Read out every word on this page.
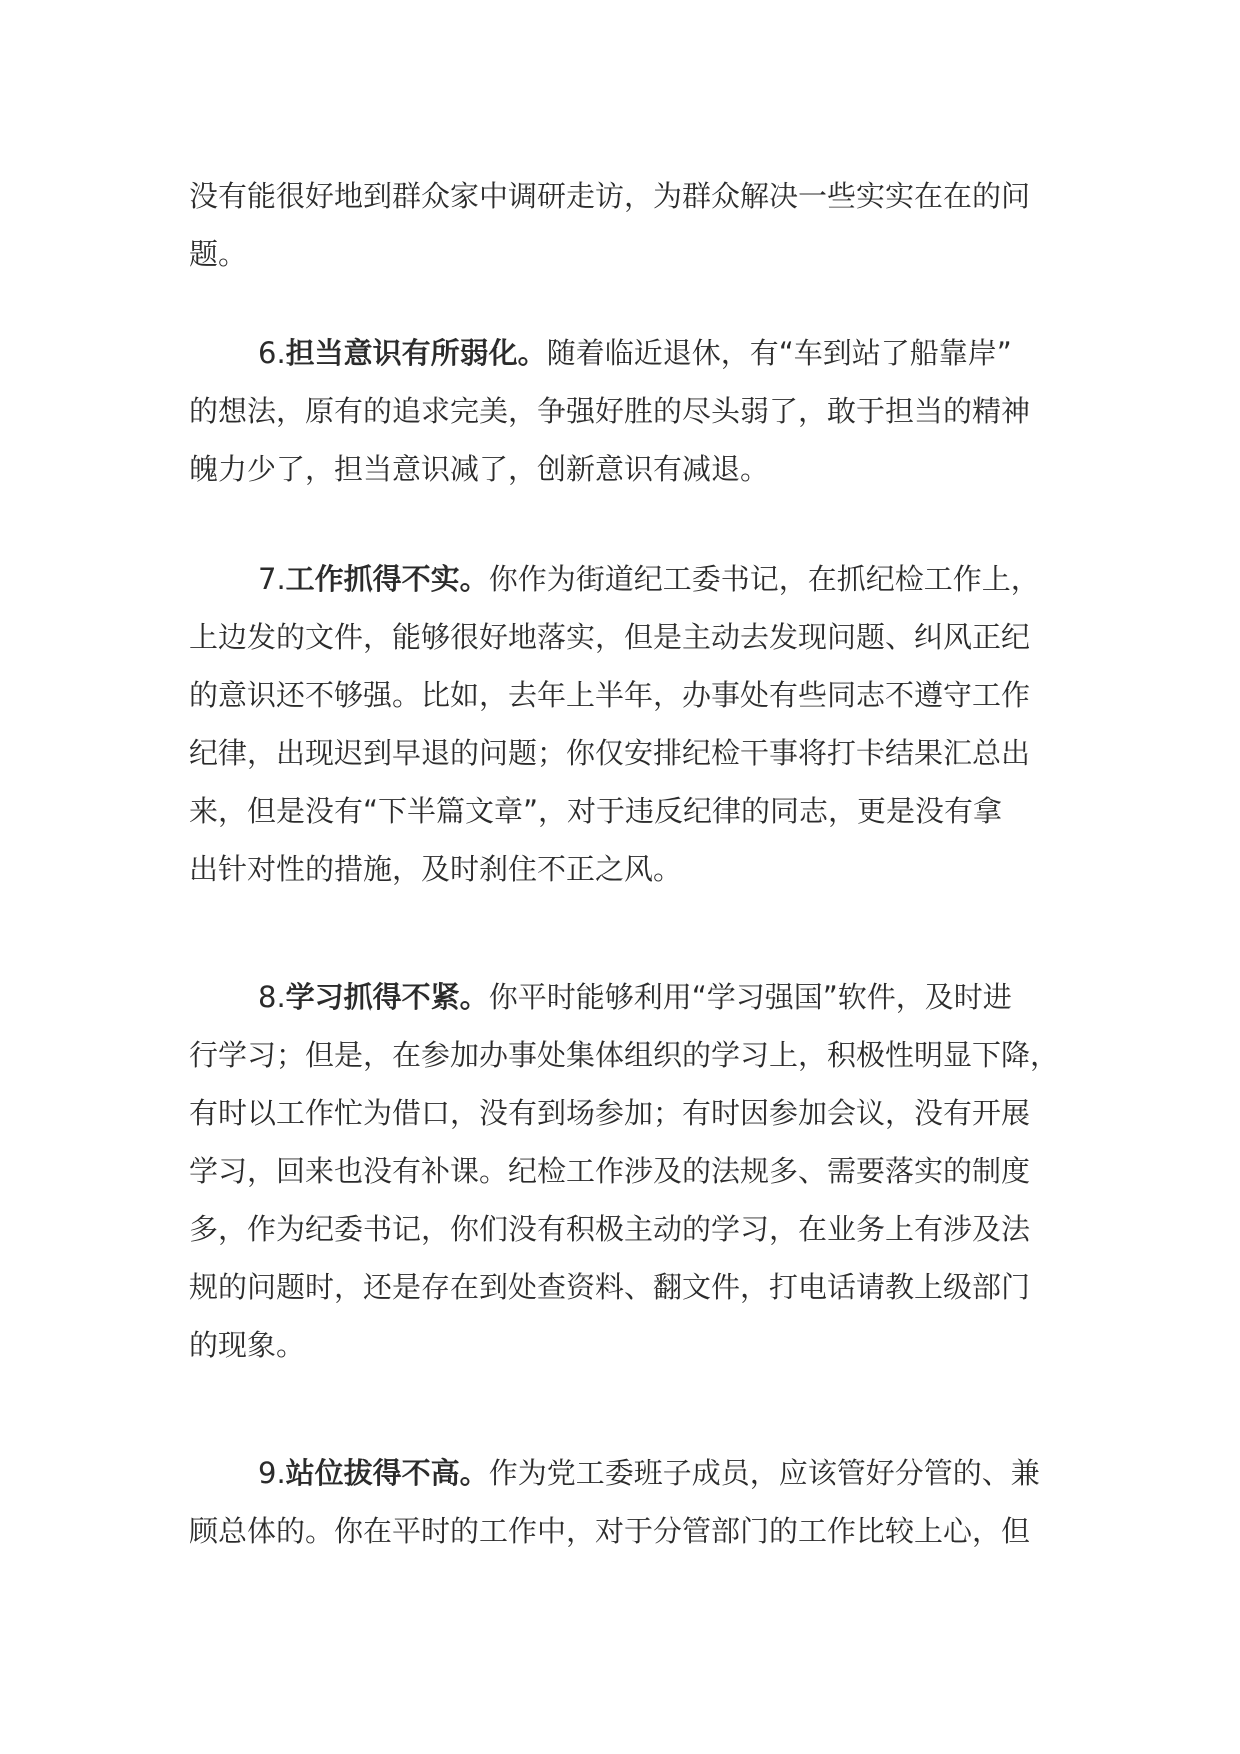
没有能很好地到群众家中调研走访，为群众解决一些实实在在的问
题。
6.担当意识有所弱化。随着临近退休，有“车到站了船靠岸”
的想法，原有的追求完美，争强好胜的尽头弱了，敢于担当的精神
魄力少了，担当意识减了，创新意识有减退。
7.工作抓得不实。你作为街道纪工委书记，在抓纪检工作上，
上边发的文件，能够很好地落实，但是主动去发现问题、纠风正纪
的意识还不够强。比如，去年上半年，办事处有些同志不遵守工作
纪律，出现迟到早退的问题；你仅安排纪检干事将打卡结果汇总出
来，但是没有“下半篇文章”，对于违反纪律的同志，更是没有拿
出针对性的措施，及时刹住不正之风。
8.学习抓得不紧。你平时能够利用“学习强国”软件，及时进
行学习；但是，在参加办事处集体组织的学习上，积极性明显下降，
有时以工作忙为借口，没有到场参加；有时因参加会议，没有开展
学习，回来也没有补课。纪检工作涉及的法规多、需要落实的制度
多，作为纪委书记，你们没有积极主动的学习，在业务上有涉及法
规的问题时，还是存在到处查资料、翻文件，打电话请教上级部门
的现象。
9.站位拔得不高。作为党工委班子成员，应该管好分管的、兼
顾总体的。你在平时的工作中，对于分管部门的工作比较上心，但
